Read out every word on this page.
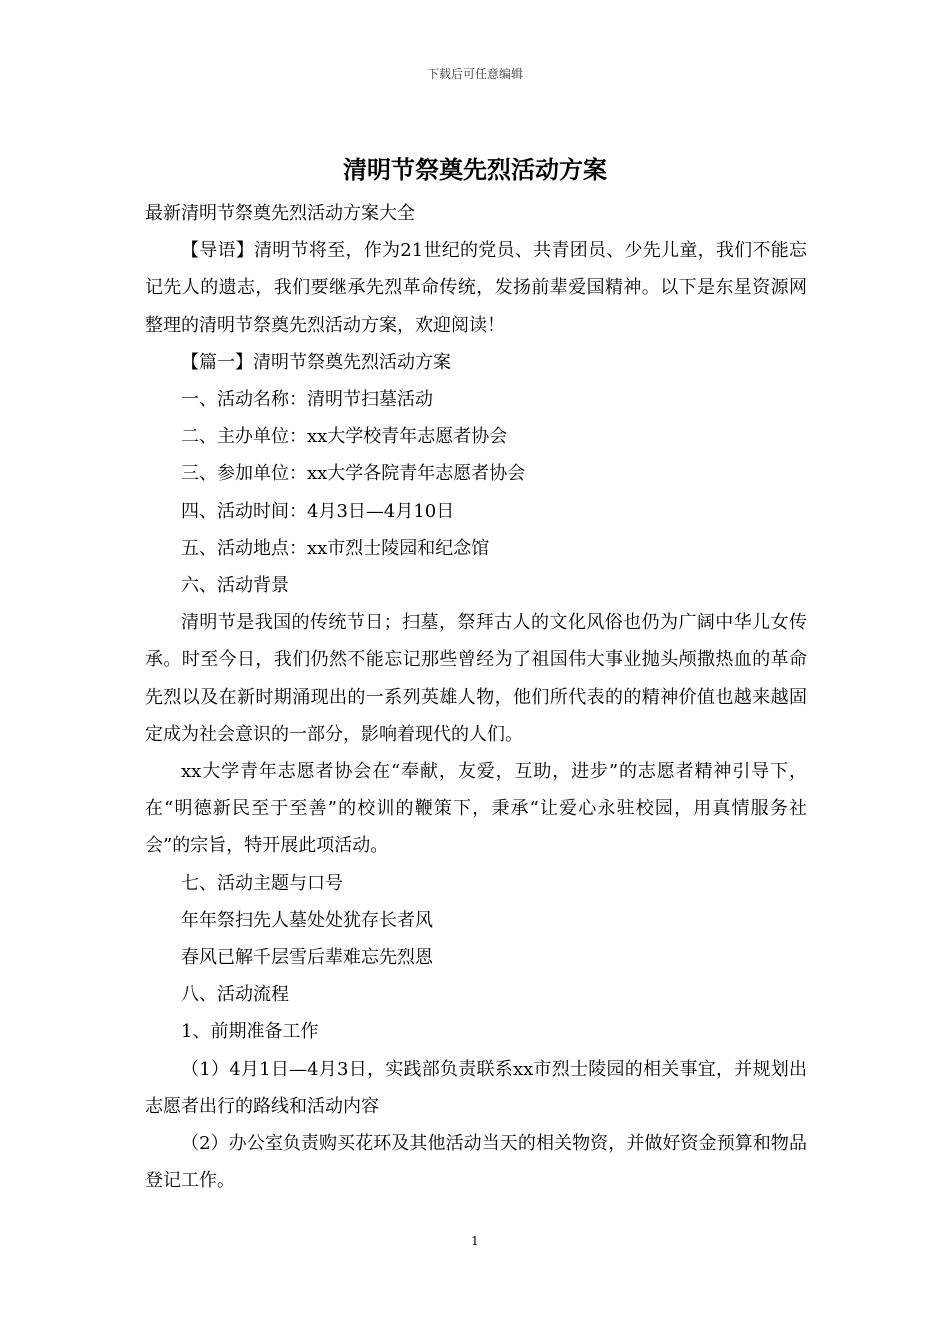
下载后可任意编辑
清明节祭奠先烈活动方案

最新清明节祭奠先烈活动方案大全

【导语】清明节将至，作为21世纪的党员、共青团员、少先儿童，我们不能忘记先人的遗志，我们要继承先烈革命传统，发扬前辈爱国精神。以下是东星资源网整理的清明节祭奠先烈活动方案，欢迎阅读！

【篇一】清明节祭奠先烈活动方案

一、活动名称：清明节扫墓活动

二、主办单位：xx大学校青年志愿者协会

三、参加单位：xx大学各院青年志愿者协会

四、活动时间：4月3日—4月10日

五、活动地点：xx市烈士陵园和纪念馆

六、活动背景

清明节是我国的传统节日；扫墓，祭拜古人的文化风俗也仍为广阔中华儿女传承。时至今日，我们仍然不能忘记那些曾经为了祖国伟大事业抛头颅撒热血的革命先烈以及在新时期涌现出的一系列英雄人物，他们所代表的的精神价值也越来越固定成为社会意识的一部分，影响着现代的人们。

xx大学青年志愿者协会在“奉献，友爱，互助，进步”的志愿者精神引导下，在“明德新民至于至善”的校训的鞭策下，秉承“让爱心永驻校园，用真情服务社会”的宗旨，特开展此项活动。

七、活动主题与口号

年年祭扫先人墓处处犹存长者风

春风已解千层雪后辈难忘先烈恩

八、活动流程

1、前期准备工作

（1）4月1日—4月3日，实践部负责联系xx市烈士陵园的相关事宜，并规划出志愿者出行的路线和活动内容

（2）办公室负责购买花环及其他活动当天的相关物资，并做好资金预算和物品登记工作。

1
